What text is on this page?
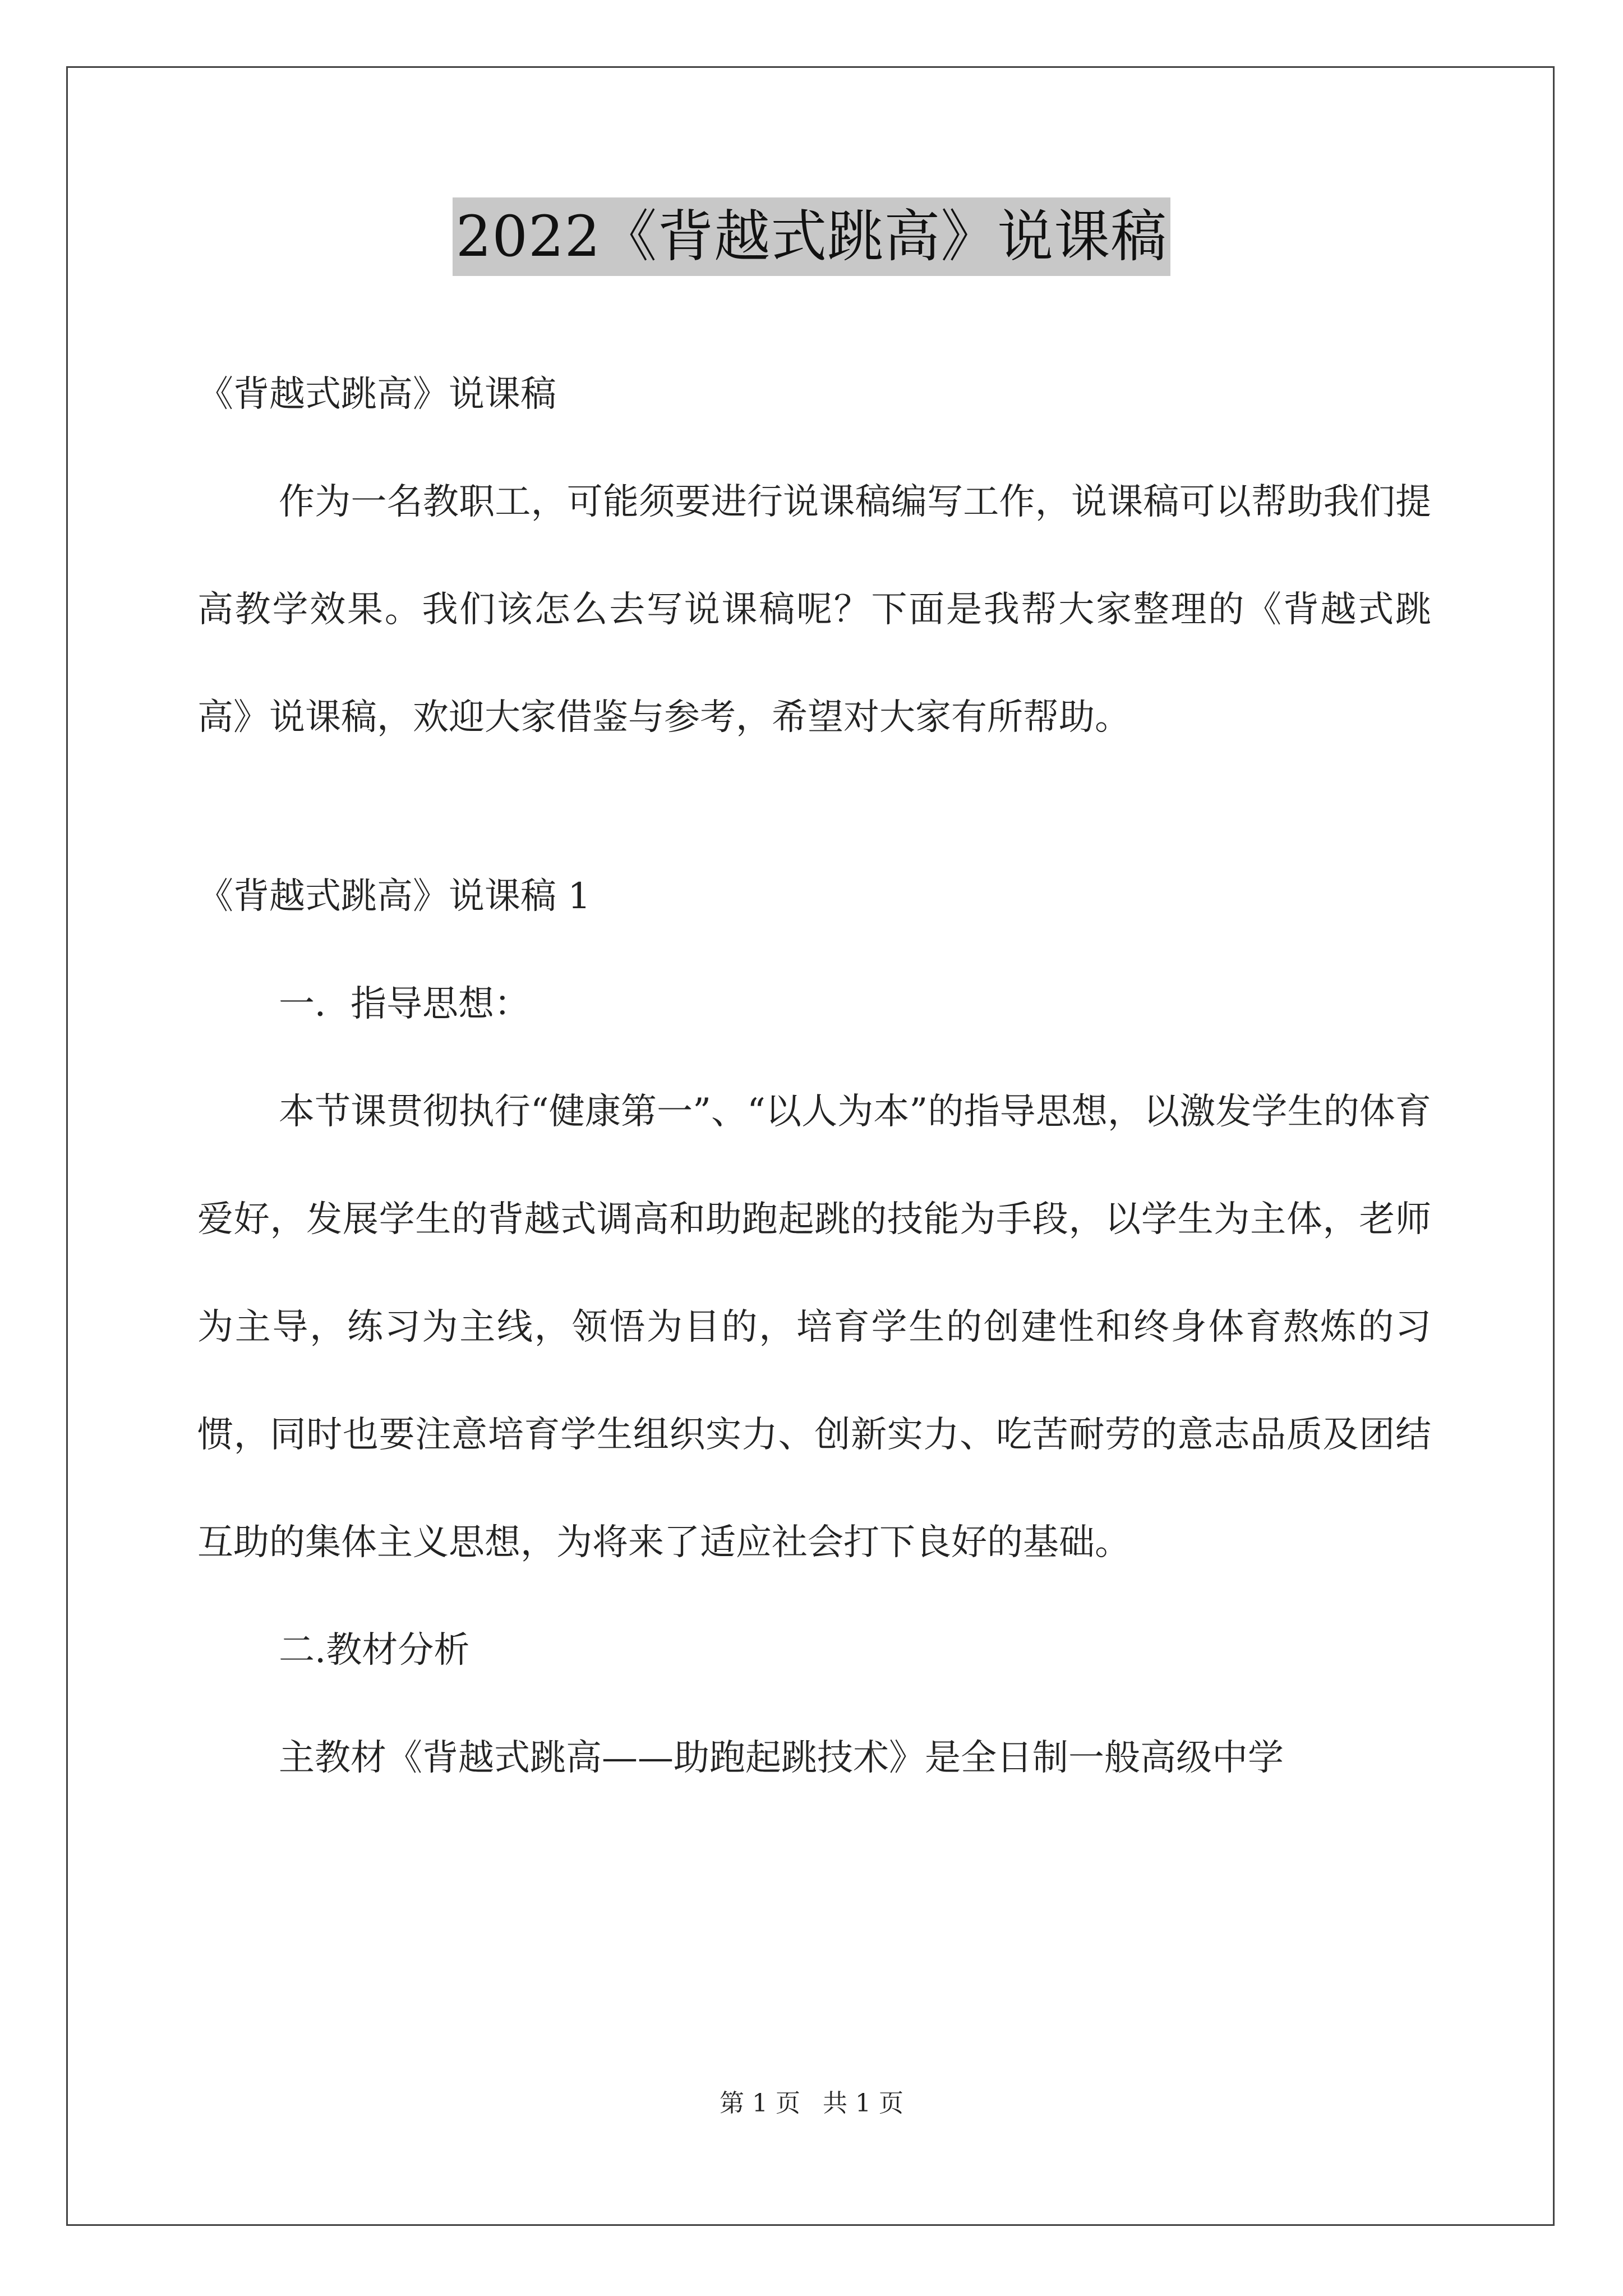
2022《背越式跳高》说课稿

《背越式跳高》说课稿

作为一名教职工，可能须要进行说课稿编写工作，说课稿可以帮助我们提高教学效果。我们该怎么去写说课稿呢？下面是我帮大家整理的《背越式跳高》说课稿，欢迎大家借鉴与参考，希望对大家有所帮助。

《背越式跳高》说课稿 1

一．指导思想：

本节课贯彻执行“健康第一”、“以人为本”的指导思想，以激发学生的体育爱好，发展学生的背越式调高和助跑起跳的技能为手段，以学生为主体，老师为主导，练习为主线，领悟为目的，培育学生的创建性和终身体育熬炼的习惯，同时也要注意培育学生组织实力、创新实力、吃苦耐劳的意志品质及团结互助的集体主义思想，为将来了适应社会打下良好的基础。

二.教材分析

主教材《背越式跳高——助跑起跳技术》是全日制一般高级中学

第 1 页 共 1 页
